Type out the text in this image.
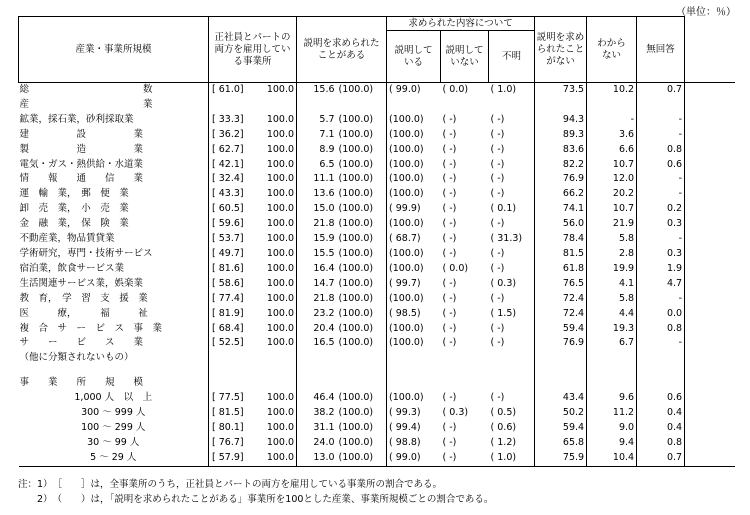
（単位：％）
産業・事業所規模	正社員とパートの両方を雇用している事業所		説明を求められたことがある		求められた内容について			説明を求められたことがない	わからない	無回答	
					説明している	説明していない	不明				
総　　　　　　　　　　　　数	[ 61.0]	100.0	15.6	(100.0)	( 99.0)	( 0.0)	( 1.0)	73.5	10.2	0.7	
産　　　　　　　　　　　　業											
鉱業，採石業，砂利採取業	[ 33.3]	100.0	5.7	(100.0)	(100.0)	( -)	( -)	94.3	-	-	
建　　　　　設　　　　　業	[ 36.2]	100.0	7.1	(100.0)	(100.0)	( -)	( -)	89.3	3.6	-	
製　　　　　造　　　　　業	[ 62.7]	100.0	8.9	(100.0)	(100.0)	( -)	( -)	83.6	6.6	0.8	
電気・ガス・熱供給・水道業	[ 42.1]	100.0	6.5	(100.0)	(100.0)	( -)	( -)	82.2	10.7	0.6	
情　　報　　通　　信　　業	[ 32.4]	100.0	11.1	(100.0)	(100.0)	( -)	( -)	76.9	12.0	-	
運　輸　業，　郵　便　業	[ 43.3]	100.0	13.6	(100.0)	(100.0)	( -)	( -)	66.2	20.2	-	
卸　売　業，　小　売　業	[ 60.5]	100.0	15.0	(100.0)	( 99.9)	( -)	( 0.1)	74.1	10.7	0.2	
金　融　業，　保　険　業	[ 59.6]	100.0	21.8	(100.0)	(100.0)	( -)	( -)	56.0	21.9	0.3	
不動産業，物品賃貸業	[ 53.7]	100.0	15.9	(100.0)	( 68.7)	( -)	( 31.3)	78.4	5.8	-	
学術研究，専門・技術サービス	[ 49.7]	100.0	15.5	(100.0)	(100.0)	( -)	( -)	81.5	2.8	0.3	
宿泊業，飲食サービス業	[ 81.6]	100.0	16.4	(100.0)	(100.0)	( 0.0)	( -)	61.8	19.9	1.9	
生活関連サービス業，娯楽業	[ 58.6]	100.0	14.7	(100.0)	( 99.7)	( -)	( 0.3)	76.5	4.1	4.7	
教　育，　学　習　支　援　業	[ 77.4]	100.0	21.8	(100.0)	(100.0)	( -)	( -)	72.4	5.8	-	
医　　　療，　　　福　　　祉	[ 81.9]	100.0	23.2	(100.0)	( 98.5)	( -)	( 1.5)	72.4	4.4	0.0	
複　合　サ　ー　ビ　ス　事　業	[ 68.4]	100.0	20.4	(100.0)	(100.0)	( -)	( -)	59.4	19.3	0.8	
サ　　ー　　ビ　　ス　　業	[ 52.5]	100.0	16.5	(100.0)	(100.0)	( -)	( -)	76.9	6.7	-	
（他に分類されないもの）											

事　　業　　所　　規　　模											
1,000 人　以　上	[ 77.5]	100.0	46.4	(100.0)	(100.0)	( -)	( -)	43.4	9.6	0.6	
300 ～ 999 人	[ 81.5]	100.0	38.2	(100.0)	( 99.3)	( 0.3)	( 0.5)	50.2	11.2	0.4	
100 ～ 299 人	[ 80.1]	100.0	31.1	(100.0)	( 99.4)	( -)	( 0.6)	59.4	9.0	0.4	
30 ～ 99 人	[ 76.7]	100.0	24.0	(100.0)	( 98.8)	( -)	( 1.2)	65.8	9.4	0.8	
5 ～ 29 人	[ 57.9]	100.0	13.0	(100.0)	( 99.0)	( -)	( 1.0)	75.9	10.4	0.7	
注：1）　［　　］は，全事業所のうち，正社員とパートの両方を雇用している事業所の割合である。
　　2）　（　　）は，「説明を求められたことがある」事業所を100とした産業、事業所規模ごとの割合である。
